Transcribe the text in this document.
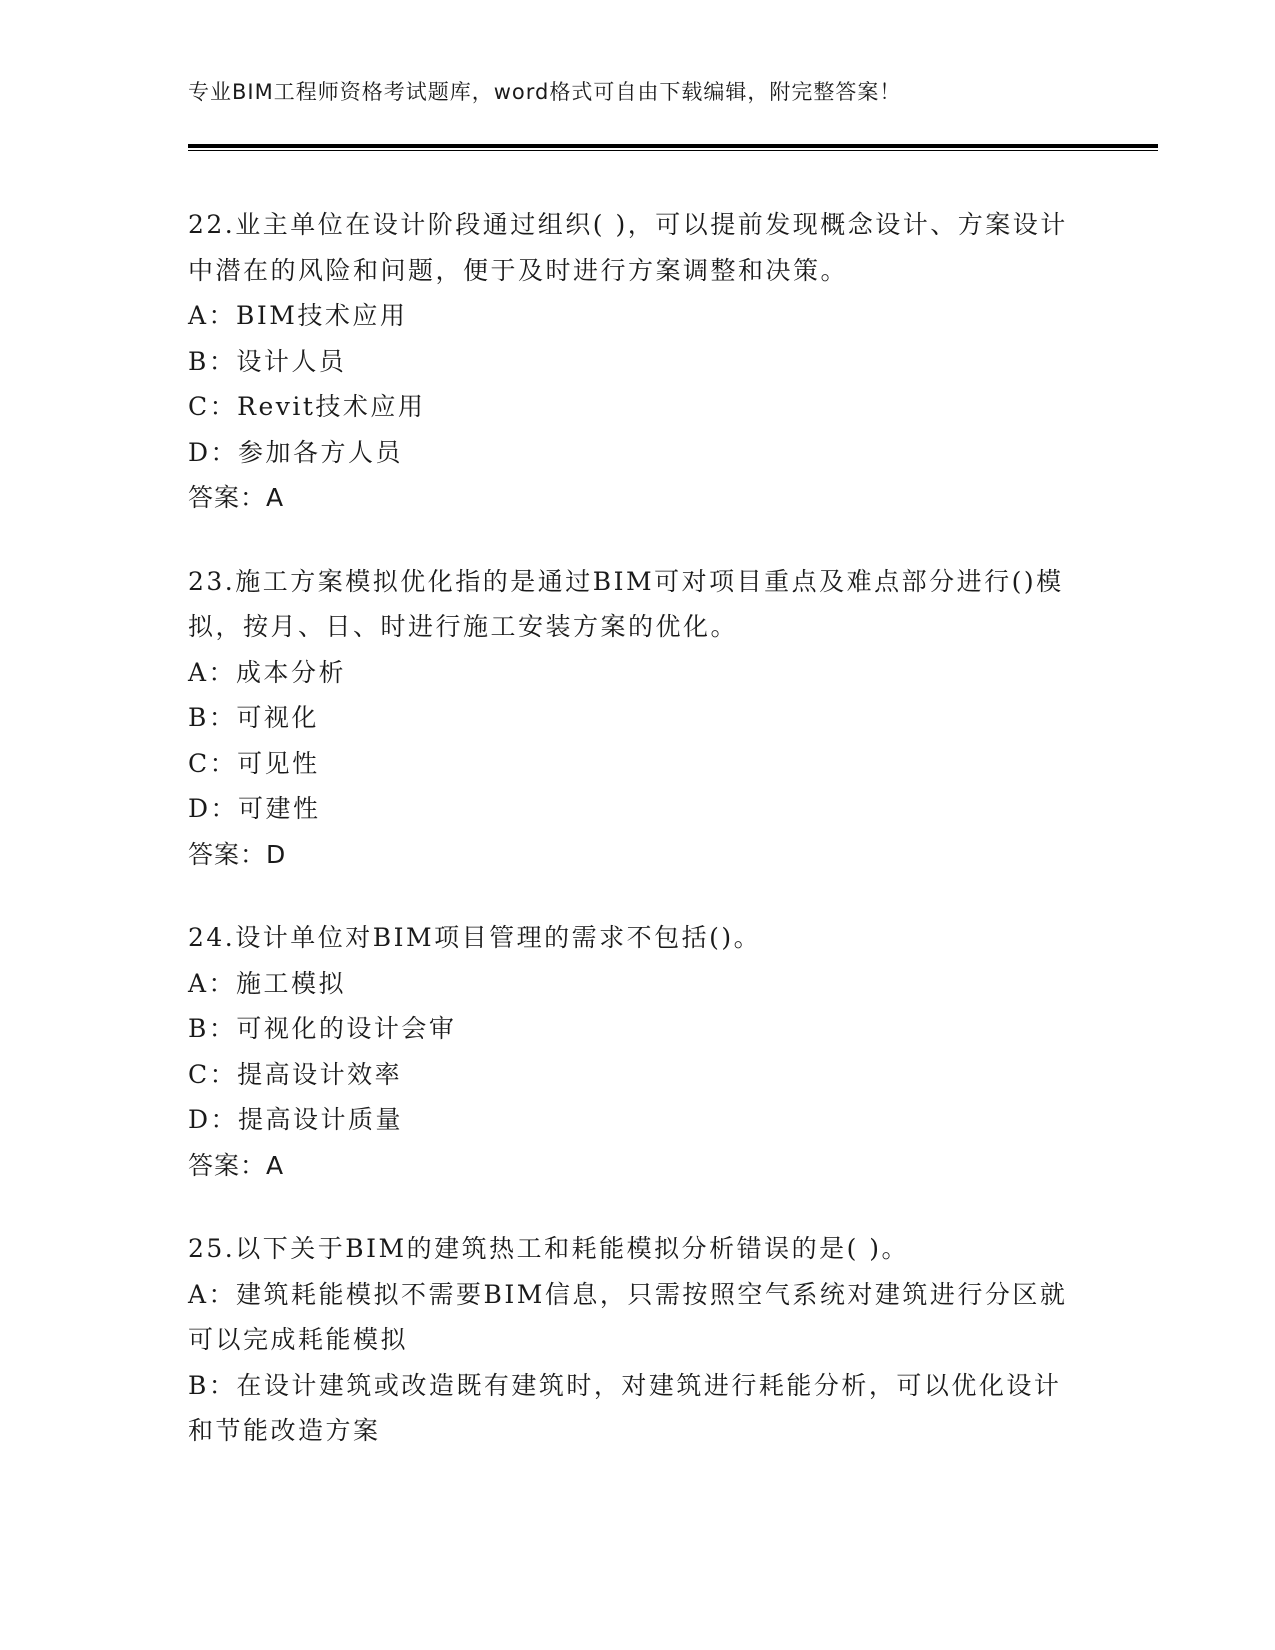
专业BIM工程师资格考试题库，word格式可自由下载编辑，附完整答案！

22.业主单位在设计阶段通过组织( )，可以提前发现概念设计、方案设计中潜在的风险和问题，便于及时进行方案调整和决策。

A：BIM技术应用

B：设计人员

C：Revit技术应用

D：参加各方人员

答案：A

23.施工方案模拟优化指的是通过BIM可对项目重点及难点部分进行()模拟，按月、日、时进行施工安装方案的优化。

A：成本分析

B：可视化

C：可见性

D：可建性

答案：D

24.设计单位对BIM项目管理的需求不包括()。

A：施工模拟

B：可视化的设计会审

C：提高设计效率

D：提高设计质量

答案：A

25.以下关于BIM的建筑热工和耗能模拟分析错误的是( )。

A：建筑耗能模拟不需要BIM信息，只需按照空气系统对建筑进行分区就可以完成耗能模拟

B：在设计建筑或改造既有建筑时，对建筑进行耗能分析，可以优化设计和节能改造方案
